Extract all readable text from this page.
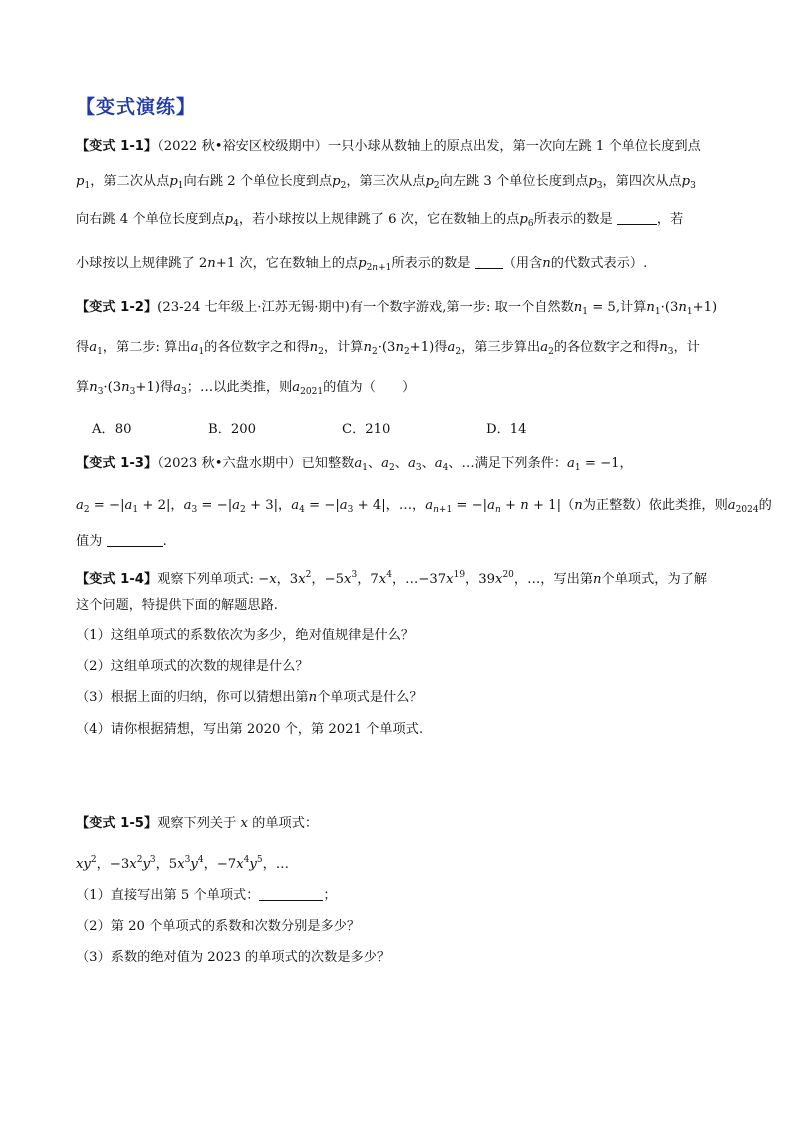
【变式演练】
【变式 1-1】（2022 秋•裕安区校级期中）一只小球从数轴上的原点出发，第一次向左跳 1 个单位长度到点
$p_1$，第二次从点$p_1$向右跳 2 个单位长度到点$p_2$，第三次从点$p_2$向左跳 3 个单位长度到点$p_3$，第四次从点$p_3$
向右跳 4 个单位长度到点$p_4$，若小球按以上规律跳了 6 次，它在数轴上的点$p_6$所表示的数是	，若
小球按以上规律跳了 2n+1 次，它在数轴上的点$p_{2n+1}$所表示的数是 （用含n的代数式表示）.
【变式 1-2】(23-24 七年级上·江苏无锡·期中)有一个数字游戏,第一步: 取一个自然数$n_1 = 5$,计算$n_1\cdot(3n_1+1)$
得$a_1$，第二步: 算出$a_1$的各位数字之和得$n_2$，计算$n_2\cdot(3n_2+1)$得$a_2$，第三步算出$a_2$的各位数字之和得$n_3$，计
算$n_3\cdot(3n_3+1)$得$a_3$；…以此类推，则$a_{2021}$的值为（　　）
A．80	B．200	C．210	D．14
【变式 1-3】（2023 秋•六盘水期中）已知整数$a_1$、$a_2$、$a_3$、$a_4$、…满足下列条件：$a_1 = -1$，
$a_2 = -|a_1 + 2|$，$a_3 = -|a_2 + 3|$，$a_4 = -|a_3 + 4|$，…，$a_{n+1} = -|a_n + n + 1|(n$为正整数）依此类推，则$a_{2024}$的
值为	.
【变式 1-4】观察下列单项式: −x，$3x^2$，$-5x^3$，$7x^4$，$\dots-37x^{19}$，$39x^{20}$，…，写出第n个单项式，为了解
这个问题，特提供下面的解题思路.
（1）这组单项式的系数依次为多少，绝对值规律是什么？
（2）这组单项式的次数的规律是什么？
（3）根据上面的归纳，你可以猜想出第n个单项式是什么？
（4）请你根据猜想，写出第 2020 个，第 2021 个单项式.
【变式 1-5】观察下列关于 x 的单项式：
$xy^2$，$-3x^2y^3$，$5x^3y^4$，$-7x^4y^5$，…
（1）直接写出第 5 个单项式：	；
（2）第 20 个单项式的系数和次数分别是多少？
（3）系数的绝对值为 2023 的单项式的次数是多少？
